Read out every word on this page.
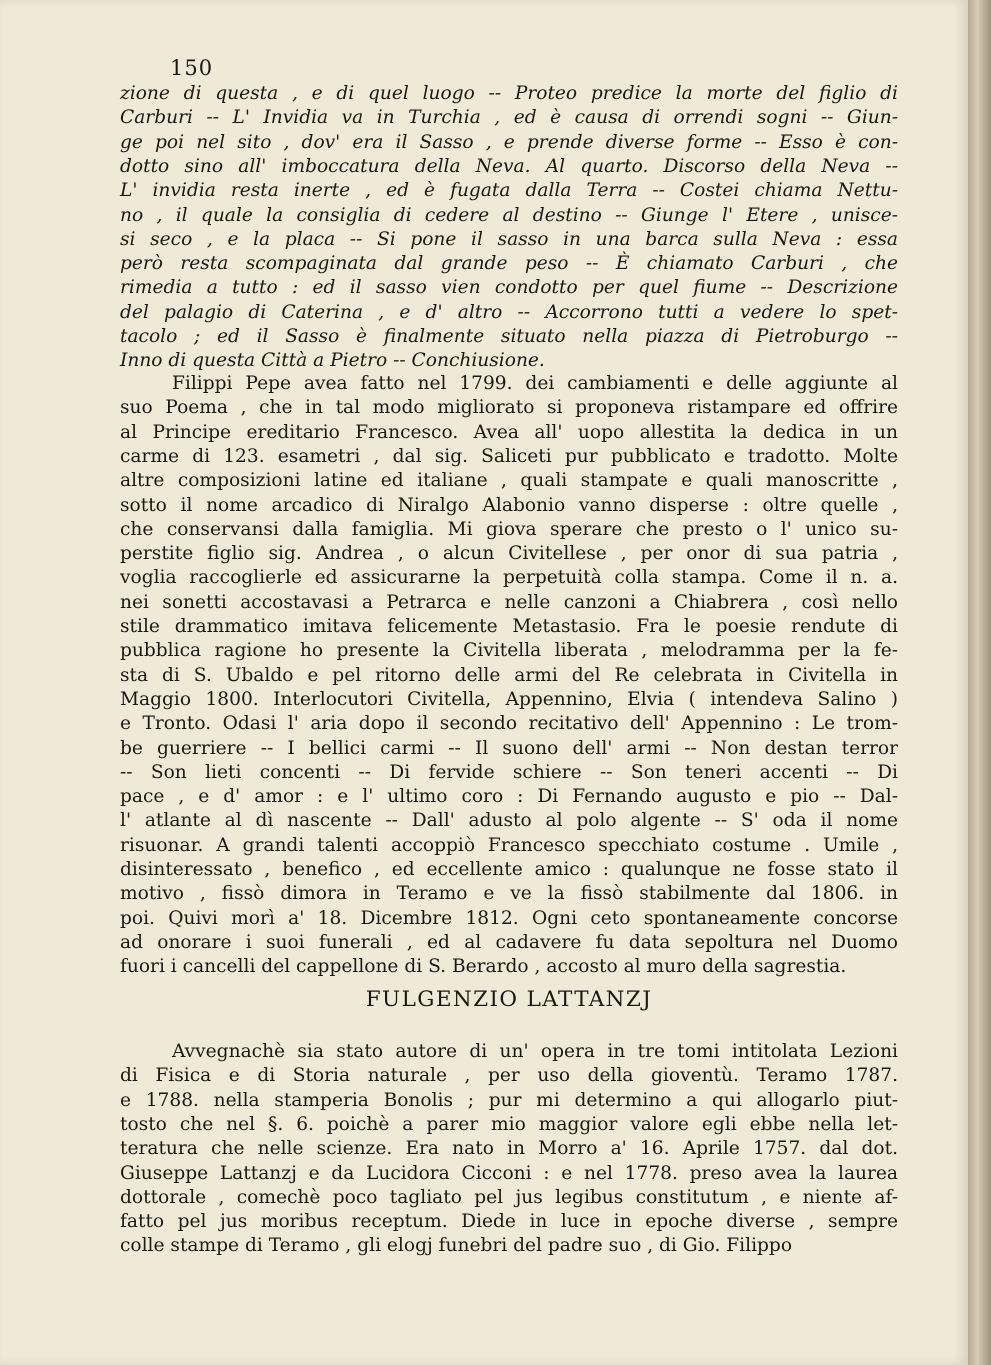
150
zione di questa , e di quel luogo -- Proteo predice la morte del figlio di
Carburi -- L' Invidia va in Turchia , ed è causa di orrendi sogni -- Giun-
ge poi nel sito , dov' era il Sasso , e prende diverse forme -- Esso è con-
dotto sino all' imboccatura della Neva. Al quarto. Discorso della Neva --
L' invidia resta inerte , ed è fugata dalla Terra -- Costei chiama Nettu-
no , il quale la consiglia di cedere al destino -- Giunge l' Etere , unisce-
si seco , e la placa -- Si pone il sasso in una barca sulla Neva : essa
però resta scompaginata dal grande peso -- È chiamato Carburi , che
rimedia a tutto : ed il sasso vien condotto per quel fiume -- Descrizione
del palagio di Caterina , e d' altro -- Accorrono tutti a vedere lo spet-
tacolo ; ed il Sasso è finalmente situato nella piazza di Pietroburgo --
Inno di questa Città a Pietro -- Conchiusione.
Filippi Pepe avea fatto nel 1799. dei cambiamenti e delle aggiunte al
suo Poema , che in tal modo migliorato si proponeva ristampare ed offrire
al Principe ereditario Francesco. Avea all' uopo allestita la dedica in un
carme di 123. esametri , dal sig. Saliceti pur pubblicato e tradotto. Molte
altre composizioni latine ed italiane , quali stampate e quali manoscritte ,
sotto il nome arcadico di Niralgo Alabonio vanno disperse : oltre quelle ,
che conservansi dalla famiglia. Mi giova sperare che presto o l' unico su-
perstite figlio sig. Andrea , o alcun Civitellese , per onor di sua patria ,
voglia raccoglierle ed assicurarne la perpetuità colla stampa. Come il n. a.
nei sonetti accostavasi a Petrarca e nelle canzoni a Chiabrera , così nello
stile drammatico imitava felicemente Metastasio. Fra le poesie rendute di
pubblica ragione ho presente la Civitella liberata , melodramma per la fe-
sta di S. Ubaldo e pel ritorno delle armi del Re celebrata in Civitella in
Maggio 1800. Interlocutori Civitella, Appennino, Elvia ( intendeva Salino )
e Tronto. Odasi l' aria dopo il secondo recitativo dell' Appennino : Le trom-
be guerriere -- I bellici carmi -- Il suono dell' armi -- Non destan terror
-- Son lieti concenti -- Di fervide schiere -- Son teneri accenti -- Di
pace , e d' amor : e l' ultimo coro : Di Fernando augusto e pio -- Dal-
l' atlante al dì nascente -- Dall' adusto al polo algente -- S' oda il nome
risuonar. A grandi talenti accoppiò Francesco specchiato costume . Umile ,
disinteressato , benefico , ed eccellente amico : qualunque ne fosse stato il
motivo , fissò dimora in Teramo e ve la fissò stabilmente dal 1806. in
poi. Quivi morì a' 18. Dicembre 1812. Ogni ceto spontaneamente concorse
ad onorare i suoi funerali , ed al cadavere fu data sepoltura nel Duomo
fuori i cancelli del cappellone di S. Berardo , accosto al muro della sagrestia.
FULGENZIO LATTANZJ
Avvegnachè sia stato autore di un' opera in tre tomi intitolata Lezioni
di Fisica e di Storia naturale , per uso della gioventù. Teramo 1787.
e 1788. nella stamperia Bonolis ; pur mi determino a qui allogarlo piut-
tosto che nel §. 6. poichè a parer mio maggior valore egli ebbe nella let-
teratura che nelle scienze. Era nato in Morro a' 16. Aprile 1757. dal dot.
Giuseppe Lattanzj e da Lucidora Cicconi : e nel 1778. preso avea la laurea
dottorale , comechè poco tagliato pel jus legibus constitutum , e niente af-
fatto pel jus moribus receptum. Diede in luce in epoche diverse , sempre
colle stampe di Teramo , gli elogj funebri del padre suo , di Gio. Filippo
